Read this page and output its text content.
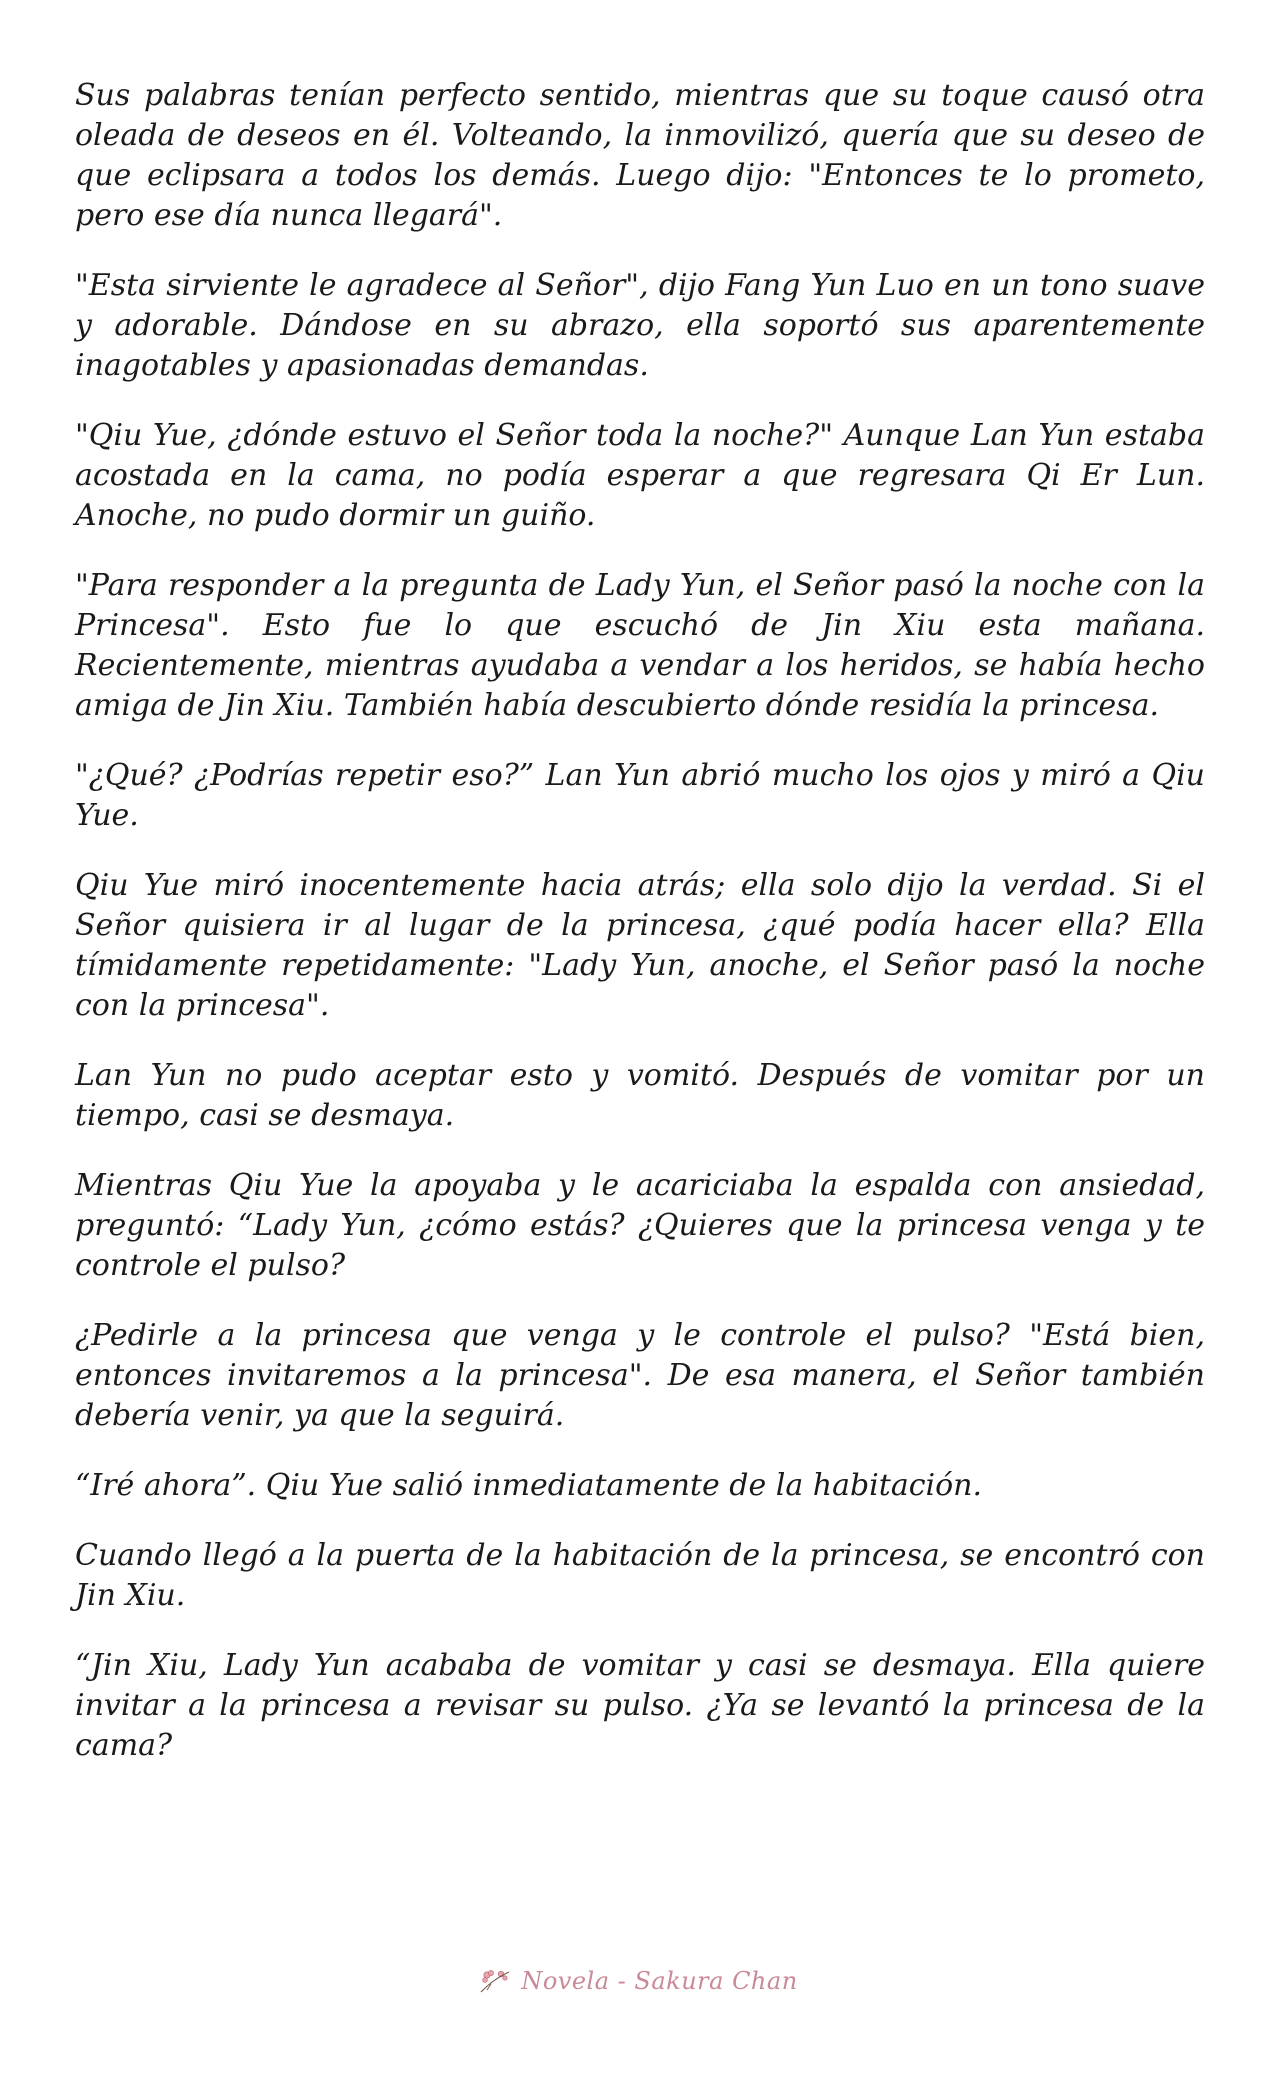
Sus palabras tenían perfecto sentido, mientras que su toque causó otra oleada de deseos en él. Volteando, la inmovilizó, quería que su deseo de que eclipsara a todos los demás. Luego dijo: "Entonces te lo prometo, pero ese día nunca llegará".

"Esta sirviente le agradece al Señor", dijo Fang Yun Luo en un tono suave y adorable. Dándose en su abrazo, ella soportó sus aparentemente inagotables y apasionadas demandas.

"Qiu Yue, ¿dónde estuvo el Señor toda la noche?" Aunque Lan Yun estaba acostada en la cama, no podía esperar a que regresara Qi Er Lun. Anoche, no pudo dormir un guiño.

"Para responder a la pregunta de Lady Yun, el Señor pasó la noche con la Princesa". Esto fue lo que escuchó de Jin Xiu esta mañana. Recientemente, mientras ayudaba a vendar a los heridos, se había hecho amiga de Jin Xiu. También había descubierto dónde residía la princesa.

"¿Qué? ¿Podrías repetir eso?” Lan Yun abrió mucho los ojos y miró a Qiu Yue.

Qiu Yue miró inocentemente hacia atrás; ella solo dijo la verdad. Si el Señor quisiera ir al lugar de la princesa, ¿qué podía hacer ella? Ella tímidamente repetidamente: "Lady Yun, anoche, el Señor pasó la noche con la princesa".

Lan Yun no pudo aceptar esto y vomitó. Después de vomitar por un tiempo, casi se desmaya.

Mientras Qiu Yue la apoyaba y le acariciaba la espalda con ansiedad, preguntó: “Lady Yun, ¿cómo estás? ¿Quieres que la princesa venga y te controle el pulso?

¿Pedirle a la princesa que venga y le controle el pulso? "Está bien, entonces invitaremos a la princesa". De esa manera, el Señor también debería venir, ya que la seguirá.

“Iré ahora”. Qiu Yue salió inmediatamente de la habitación.

Cuando llegó a la puerta de la habitación de la princesa, se encontró con Jin Xiu.

“Jin Xiu, Lady Yun acababa de vomitar y casi se desmaya. Ella quiere invitar a la princesa a revisar su pulso. ¿Ya se levantó la princesa de la cama?

Novela - Sakura Chan
